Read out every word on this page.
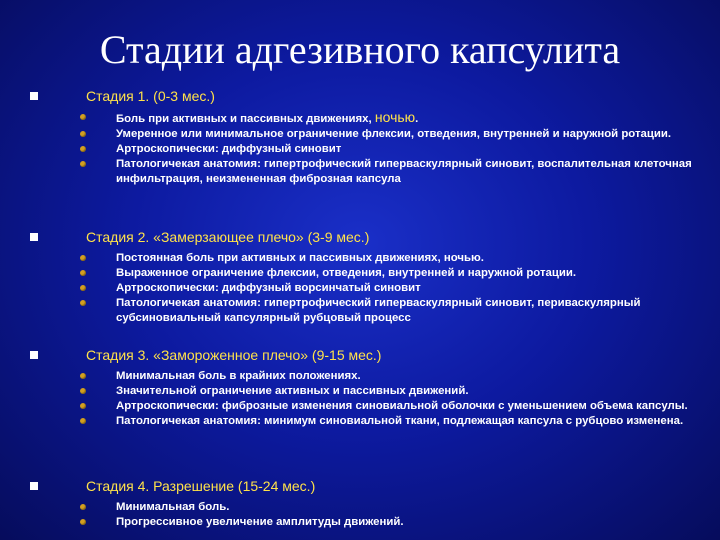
Стадии адгезивного капсулита
Стадия 1. (0-3 мес.)
Боль при активных и пассивных движениях, ночью.
Умеренное или минимальное ограничение флексии, отведения, внутренней и наружной ротации.
Артроскопически: диффузный синовит
Патологичекая анатомия: гипертрофический гиперваскулярный синовит, воспалительная клеточная инфильтрация, неизмененная фиброзная капсула
Стадия 2. «Замерзающее плечо» (3-9 мес.)
Постоянная боль при активных и пассивных движениях, ночью.
Выраженное ограничение флексии, отведения, внутренней и наружной ротации.
Артроскопически: диффузный ворсинчатый синовит
Патологичекая анатомия: гипертрофический гиперваскулярный синовит, периваскулярный субсиновиальный капсулярный рубцовый процесс
Стадия 3. «Замороженное плечо» (9-15 мес.)
Минимальная боль в крайних положениях.
Значительной ограничение активных и пассивных движений.
Артроскопически: фиброзные изменения синовиальной оболочки с уменьшением объема капсулы.
Патологичекая анатомия: минимум синовиальной ткани, подлежащая капсула с рубцово изменена.
Стадия 4. Разрешение (15-24 мес.)
Минимальная боль.
Прогрессивное увеличение амплитуды движений.
